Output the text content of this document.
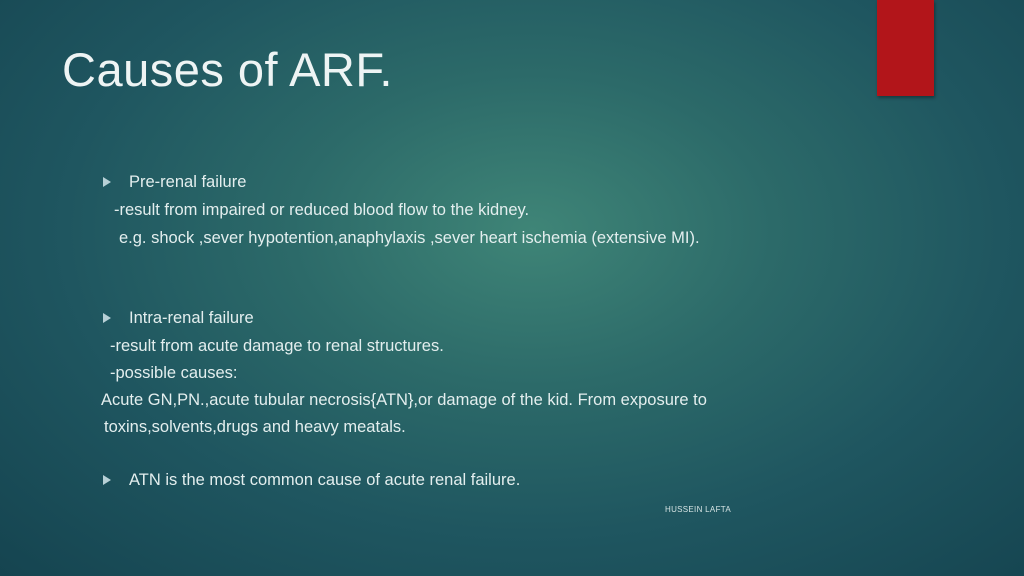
Causes of ARF.
Pre-renal failure
-result from impaired or reduced blood flow to the kidney.
e.g. shock ,sever hypotention,anaphylaxis ,sever heart ischemia (extensive MI).
Intra-renal failure
-result from acute damage to renal structures.
-possible causes:
Acute GN,PN.,acute tubular necrosis{ATN},or damage of the kid. From exposure to
toxins,solvents,drugs and heavy meatals.
ATN is the most common cause of acute renal failure.
HUSSEIN LAFTA
